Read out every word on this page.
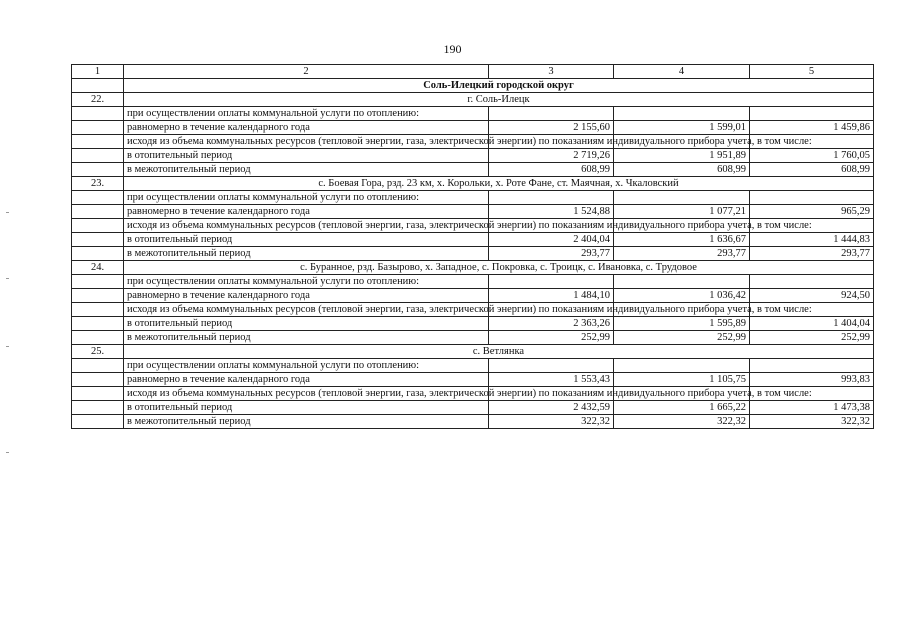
190
1	2	3	4	5
	Соль-Илецкий городской округ			
22.	г. Соль-Илецк			
	при осуществлении оплаты коммунальной услуги по отоплению:			
	равномерно в течение календарного года	2 155,60	1 599,01	1 459,86
	исходя из объема коммунальных ресурсов (тепловой энергии, газа, электрической энергии) по показаниям индивидуального прибора учета, в том числе:			
	в отопительный период	2 719,26	1 951,89	1 760,05
	в межотопительный период	608,99	608,99	608,99
23.	с. Боевая Гора, рзд. 23 км, х. Корольки, х. Роте Фане, ст. Маячная, х. Чкаловский			
	при осуществлении оплаты коммунальной услуги по отоплению:			
	равномерно в течение календарного года	1 524,88	1 077,21	965,29
	исходя из объема коммунальных ресурсов (тепловой энергии, газа, электрической энергии) по показаниям индивидуального прибора учета, в том числе:			
	в отопительный период	2 404,04	1 636,67	1 444,83
	в межотопительный период	293,77	293,77	293,77
24.	с. Буранное, рзд. Базырово, х. Западное, с. Покровка, с. Троицк, с. Ивановка, с. Трудовое			
	при осуществлении оплаты коммунальной услуги по отоплению:			
	равномерно в течение календарного года	1 484,10	1 036,42	924,50
	исходя из объема коммунальных ресурсов (тепловой энергии, газа, электрической энергии) по показаниям индивидуального прибора учета, в том числе:			
	в отопительный период	2 363,26	1 595,89	1 404,04
	в межотопительный период	252,99	252,99	252,99
25.	с. Ветлянка			
	при осуществлении оплаты коммунальной услуги по отоплению:			
	равномерно в течение календарного года	1 553,43	1 105,75	993,83
	исходя из объема коммунальных ресурсов (тепловой энергии, газа, электрической энергии) по показаниям индивидуального прибора учета, в том числе:			
	в отопительный период	2 432,59	1 665,22	1 473,38
	в межотопительный период	322,32	322,32	322,32
